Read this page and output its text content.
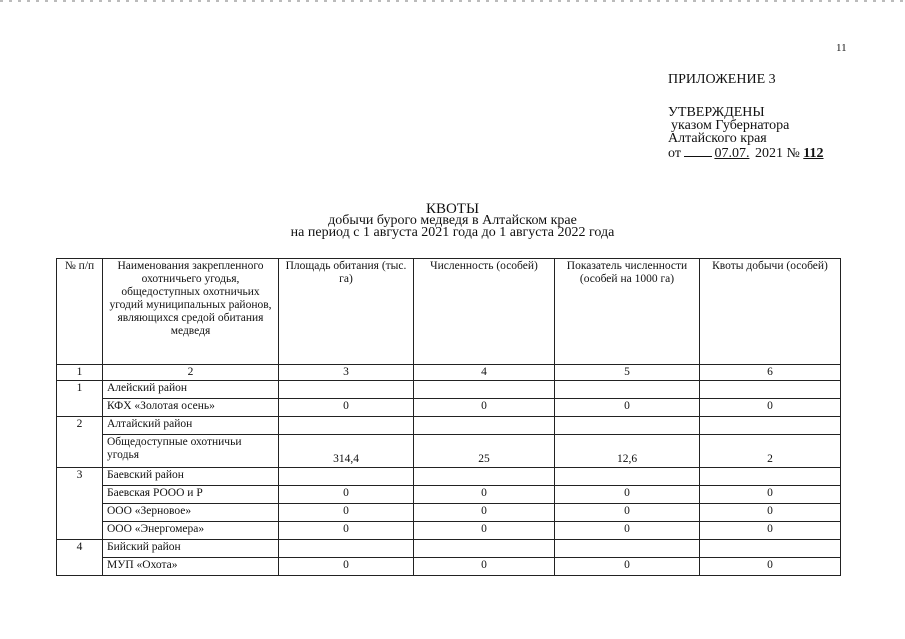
11
ПРИЛОЖЕНИЕ 3
УТВЕРЖДЕНЫ
указом Губернатора
Алтайского края
от 07.07. 2021 № 112
КВОТЫ
добычи бурого медведя в Алтайском крае
на период с 1 августа 2021 года до 1 августа 2022 года
№ п/п	Наименования закрепленного охотничьего угодья, общедоступных охотничьих угодий муниципальных районов, являющихся средой обитания медведя	Площадь обитания (тыс. га)	Численность (особей)	Показатель численности (особей на 1000 га)	Квоты добычи (особей)
1	2	3	4	5	6
1	Алейский район				
	КФХ «Золотая осень»	0	0	0	0
2	Алтайский район				
	Общедоступные охотничьи угодья	314,4	25	12,6	2
3	Баевский район				
	Баевская РООО и Р	0	0	0	0
	ООО «Зерновое»	0	0	0	0
	ООО «Энергомера»	0	0	0	0
4	Бийский район				
	МУП «Охота»	0	0	0	0
